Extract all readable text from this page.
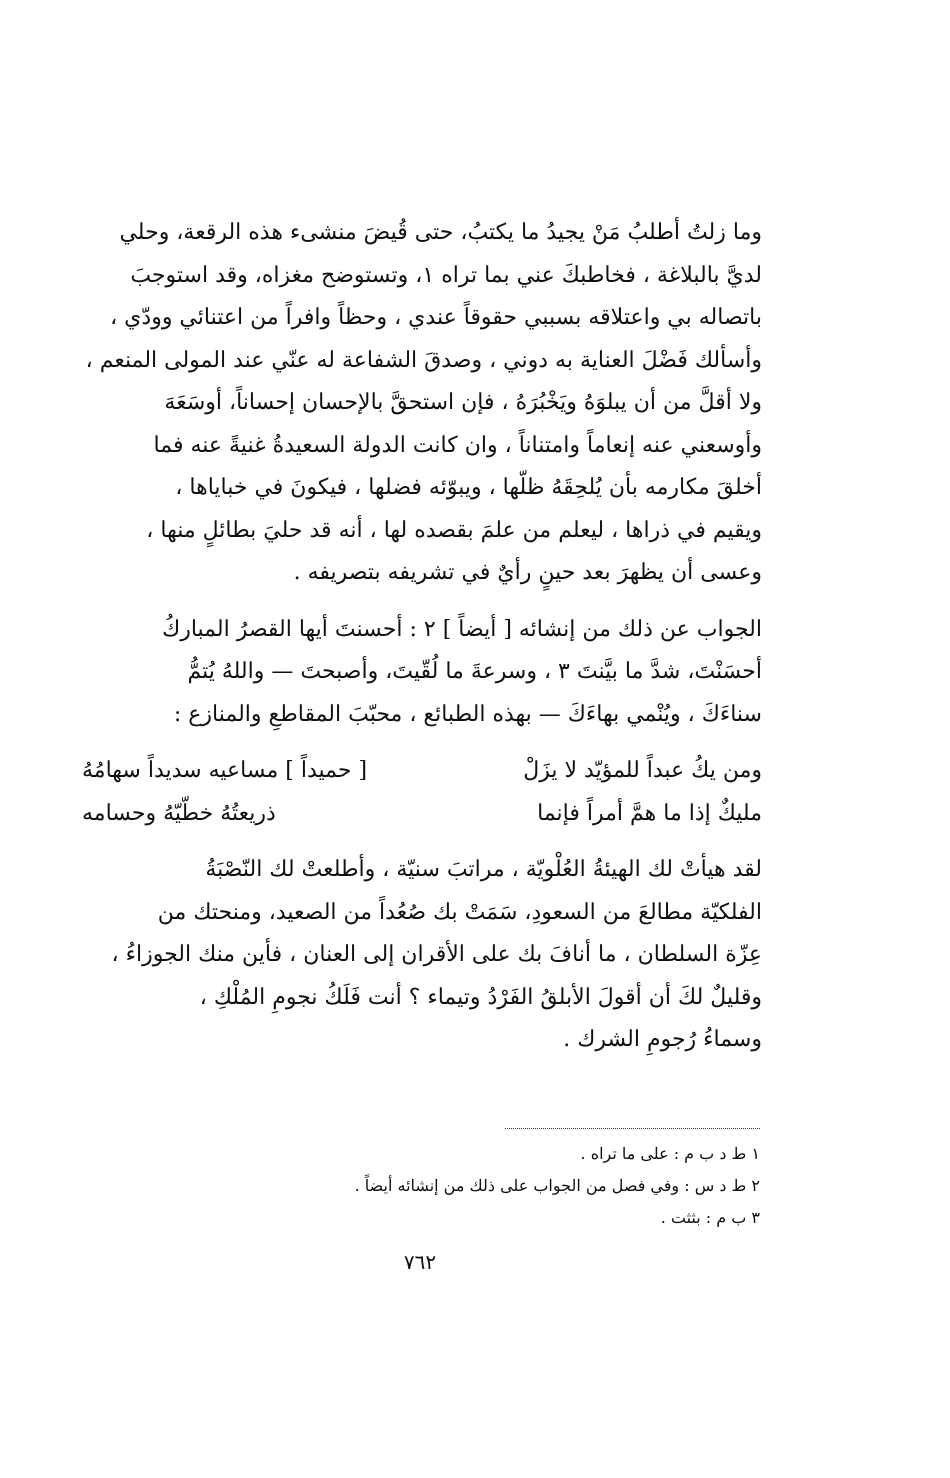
وما زلتُ أطلبُ مَنْ يجيدُ ما يكتبُ، حتى قُيضَ منشىء هذه الرقعة، وحلي
لديَّ بالبلاغة ، فخاطبكَ عني بما تراه ١، وتستوضح مغزاه، وقد استوجبَ
باتصاله بي واعتلاقه بسببي حقوقاً عندي ، وحظاً وافراً من اعتنائي وودّي ،
وأسألك فَضْلَ العناية به دوني ، وصدقَ الشفاعة له عنّي عند المولى المنعم ،
ولا أقلَّ من أن يبلوَهُ ويَخْبُرَهُ ، فإن استحقَّ بالإحسان إحساناً، أوسَعَهَ
وأوسعني عنه إنعاماً وامتناناً ، وان كانت الدولة السعيدةُ غنيةً عنه فما
أخلقَ مكارمه بأن يُلحِقَهُ ظلّها ، ويبوّئه فضلها ، فيكونَ في خباياها ،
ويقيم في ذراها ، ليعلم من علمَ بقصده لها ، أنه قد حليَ بطائلٍ منها ،
وعسى أن يظهرَ بعد حينٍ رأيٌ في تشريفه بتصريفه .
الجواب عن ذلك من إنشائه [ أيضاً ] ٢ : أحسنتَ أيها القصرُ المباركُ
أحسَنْتَ، شدَّ ما بيَّنتَ ٣ ، وسرعةَ ما لُقّيتَ، وأصبحتَ — واللهُ يُتمُّ
سناءَكَ ، ويُنْمي بهاءَكَ — بهذه الطبائع ، محبّبَ المقاطعِ والمنازع :
ومن يكُ عبداً للمؤيّد لا يزَلْ
[ حميداً ] مساعيه سديداً سهامُهُ
مليكٌ إذا ما همَّ أمراً فإنما
ذريعتُهُ خطّيّهُ وحسامه
لقد هيأتْ لك الهيئةُ العُلْويّة ، مراتبَ سنيّة ، وأطلعتْ لك النّصْبَةُ
الفلكيّة مطالعَ من السعودِ، سَمَتْ بك صُعُداً من الصعيد، ومنحتك من
عِزّة السلطان ، ما أنافَ بك على الأقران إلى العنان ، فأين منك الجوزاءُ ،
وقليلٌ لكَ أن أقولَ الأبلقُ الفَرْدُ وتيماء ؟ أنت فَلَكُ نجومِ المُلْكِ ،
وسماءُ رُجومِ الشرك .
١ ط د ب م : على ما تراه .
٢ ط د س : وفي فصل من الجواب على ذلك من إنشائه أيضاً .
٣ ب م : بثثت .
٧٦٢
